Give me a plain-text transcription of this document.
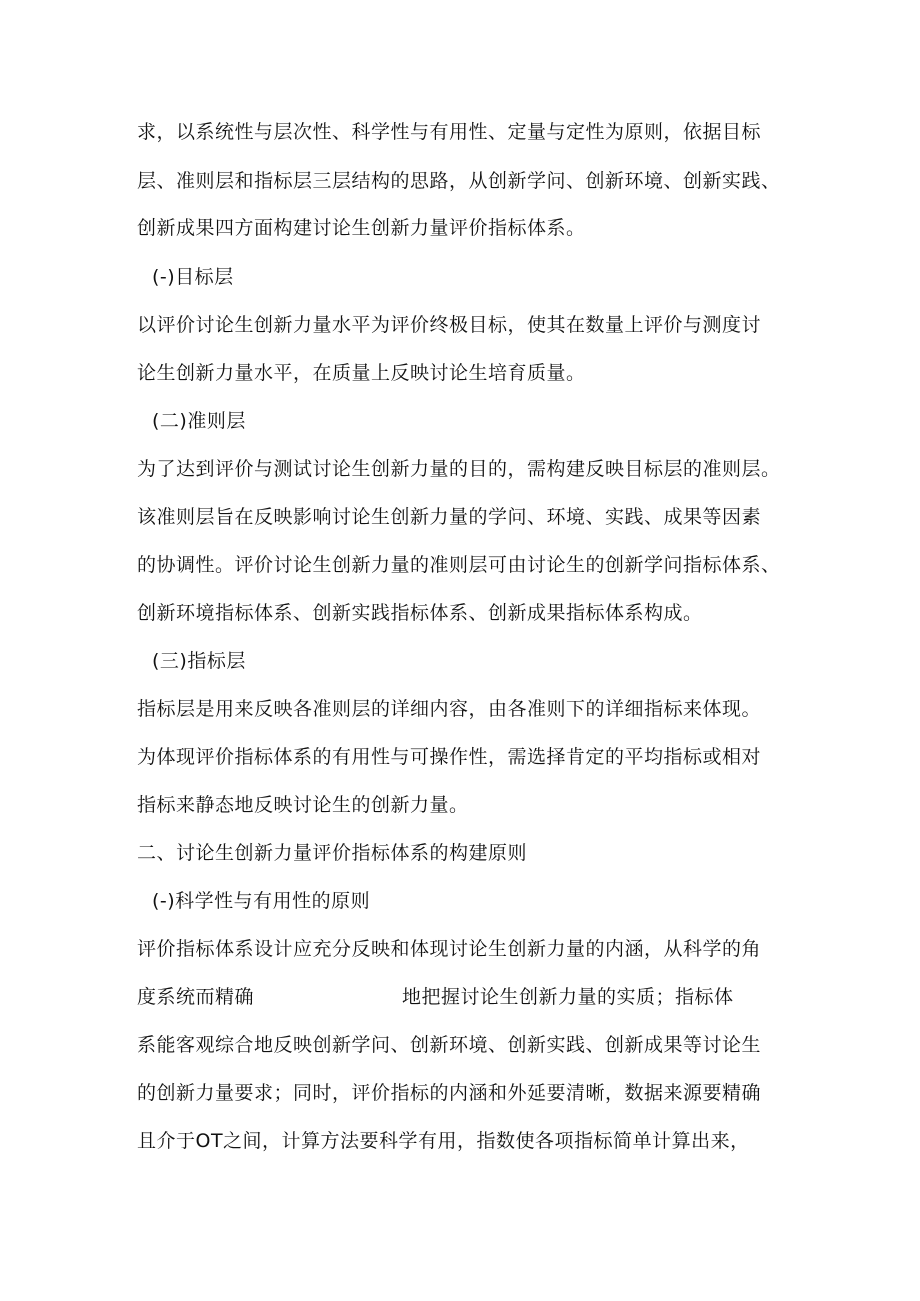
求，以系统性与层次性、科学性与有用性、定量与定性为原则，依据目标
层、准则层和指标层三层结构的思路，从创新学问、创新环境、创新实践、
创新成果四方面构建讨论生创新力量评价指标体系。
(-)目标层
以评价讨论生创新力量水平为评价终极目标，使其在数量上评价与测度讨
论生创新力量水平，在质量上反映讨论生培育质量。
(二)准则层
为了达到评价与测试讨论生创新力量的目的，需构建反映目标层的准则层。
该准则层旨在反映影响讨论生创新力量的学问、环境、实践、成果等因素
的协调性。评价讨论生创新力量的准则层可由讨论生的创新学问指标体系、
创新环境指标体系、创新实践指标体系、创新成果指标体系构成。
(三)指标层
指标层是用来反映各准则层的详细内容，由各准则下的详细指标来体现。
为体现评价指标体系的有用性与可操作性，需选择肯定的平均指标或相对
指标来静态地反映讨论生的创新力量。
二、讨论生创新力量评价指标体系的构建原则
(-)科学性与有用性的原则
评价指标体系设计应充分反映和体现讨论生创新力量的内涵，从科学的角
度系统而精确	地把握讨论生创新力量的实质；指标体
系能客观综合地反映创新学问、创新环境、创新实践、创新成果等讨论生
的创新力量要求；同时，评价指标的内涵和外延要清晰，数据来源要精确
且介于OT之间，计算方法要科学有用，指数使各项指标简单计算出来，
